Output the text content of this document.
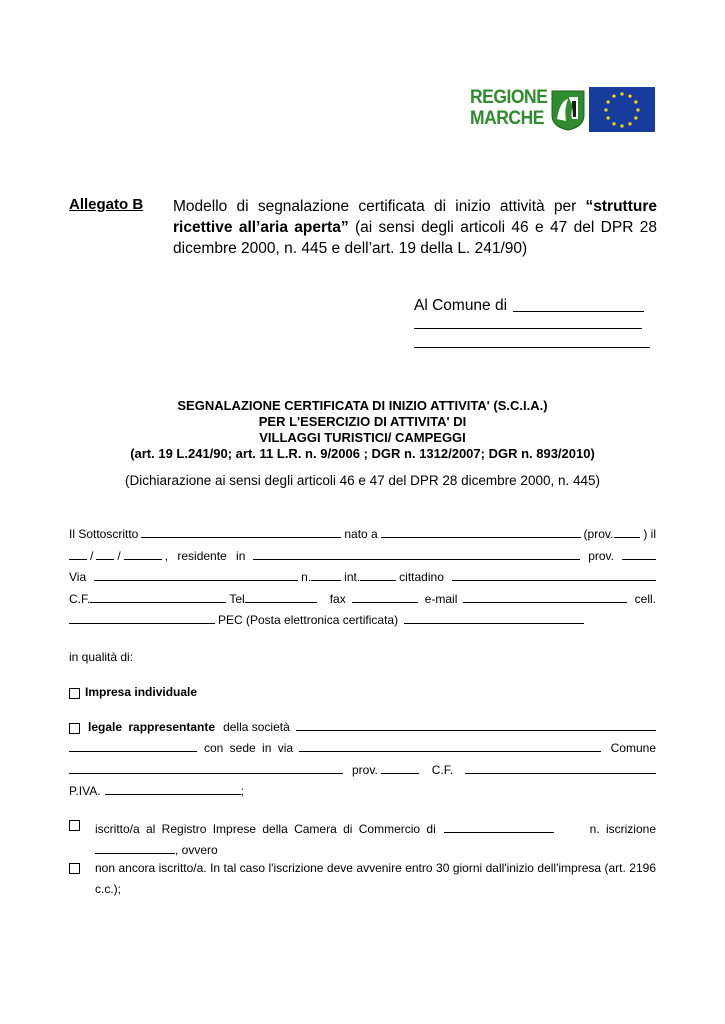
REGIONE
MARCHE
Allegato B Modello di segnalazione certificata di inizio attività per “strutture ricettive all’aria aperta” (ai sensi degli articoli 46 e 47 del DPR 28 dicembre 2000, n. 445 e dell’art. 19 della L. 241/90)
Al Comune di
SEGNALAZIONE CERTIFICATA DI INIZIO ATTIVITA' (S.C.I.A.)
PER L'ESERCIZIO DI ATTIVITA' DI
VILLAGGI TURISTICI/ CAMPEGGI
(art. 19 L.241/90; art. 11 L.R. n. 9/2006 ; DGR n. 1312/2007; DGR n. 893/2010)
(Dichiarazione ai sensi degli articoli 46 e 47 del DPR 28 dicembre 2000, n. 445)
Il Sottoscritto	nato a	(prov.	) il
/ /	, residente in	prov.
Via	n.	int.	cittadino
C.F.	Tel	fax	e-mail	cell.
PEC (Posta elettronica certificata)
in qualità di:
Impresa individuale
legale rappresentante della società
con sede in via	Comune
prov.	C.F.
P.IVA.	;
iscritto/a al Registro Imprese della Camera di Commercio di	n. iscrizione
, ovvero
non ancora iscritto/a. In tal caso l'iscrizione deve avvenire entro 30 giorni dall'inizio dell'impresa (art. 2196 c.c.);
